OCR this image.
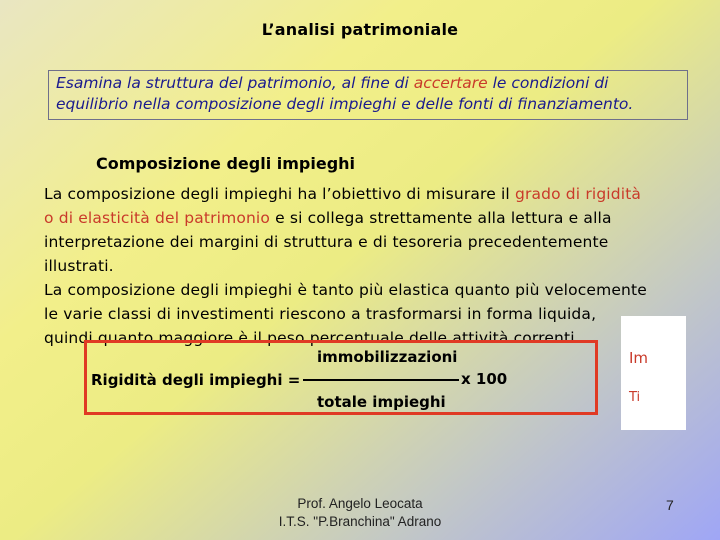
L’analisi patrimoniale
Esamina la struttura del patrimonio, al fine di accertare le condizioni di
equilibrio nella composizione degli impieghi e delle fonti di finanziamento.
Composizione degli impieghi
La composizione degli impieghi ha l’obiettivo di misurare il grado di rigidità
o di elasticità del patrimonio e si collega strettamente alla lettura e alla
interpretazione dei margini di struttura e di tesoreria precedentemente
illustrati.
La composizione degli impieghi è tanto più elastica quanto più velocemente
le varie classi di investimenti riescono a trasformarsi in forma liquida,
quindi quanto maggiore è il peso percentuale delle attività correnti.
Im
Ti
Rigidità degli impieghi =
immobilizzazioni
totale impieghi
x 100
Prof. Angelo Leocata
I.T.S. "P.Branchina" Adrano
7
